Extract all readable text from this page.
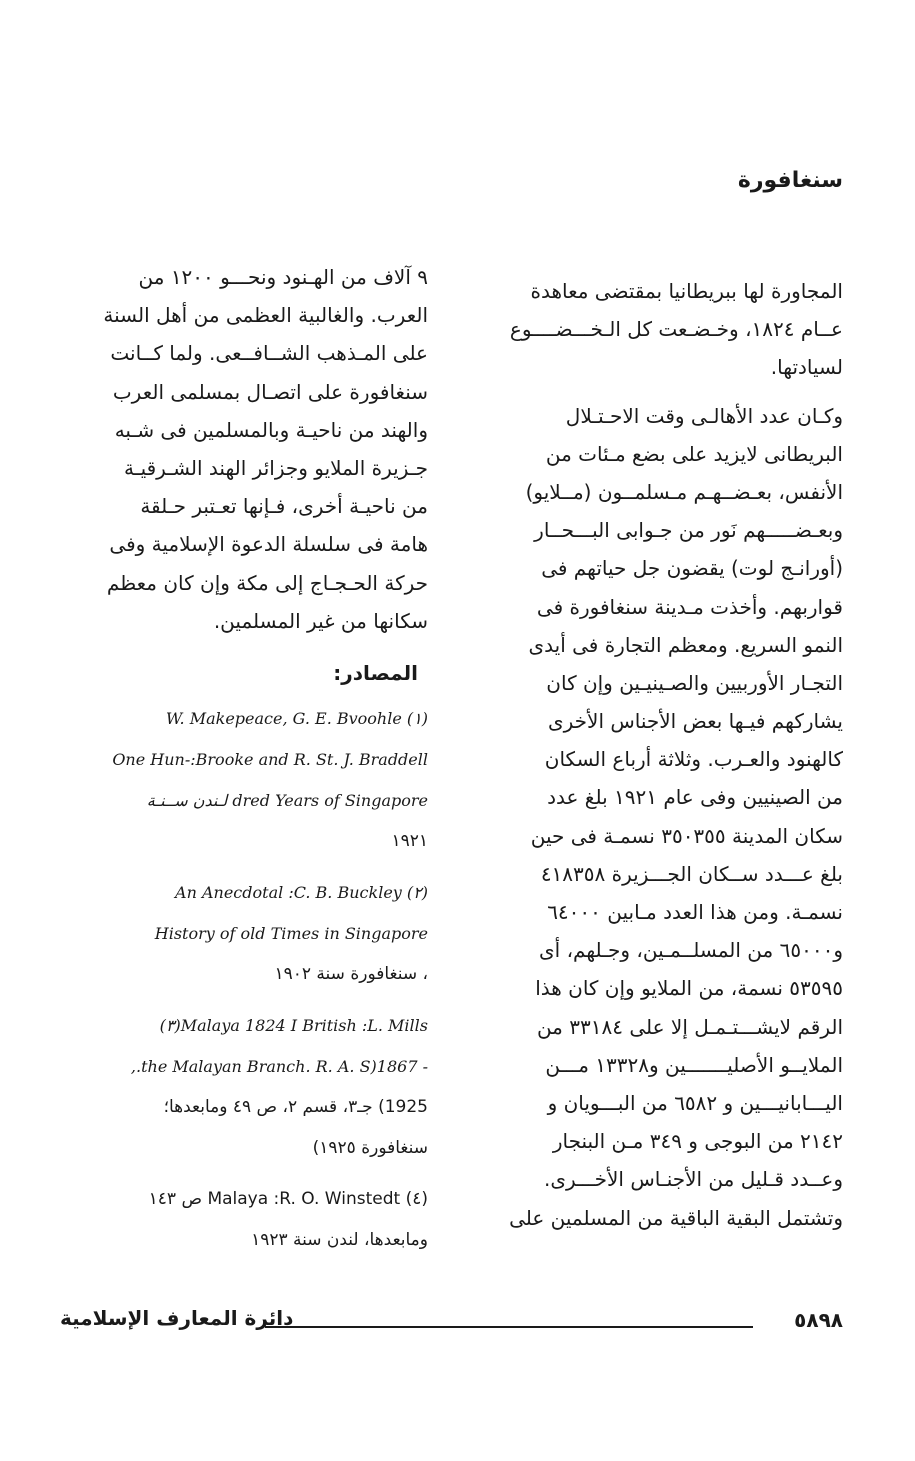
سنغافورة
المجاورة لها ببريطانيا بمقتضى معاهدة
عــام ١٨٢٤، وخـضـعت كل الـخـــضــــوع
لسيادتها.
وكـان عدد الأهالـى وقت الاحـتـلال
البريطانى لايزيد على بضع مـئات من
الأنفس، بعـضــهـم مـسلمــون (مــلايو)
وبعـضـــــهم نَور من جـوابى البـــحــار
(أورانـج لوت) يقضون جل حياتهم فى
قواربهم. وأخذت مـدينة سنغافورة فى
النمو السريع. ومعظم التجارة فى أيدى
التجـار الأوربيين والصـينيـين وإن كان
يشاركهم فيـها بعض الأجناس الأخرى
كالهنود والعـرب. وثلاثة أرباع السكان
من الصينيين وفى عام ١٩٢١ بلغ عدد
سكان المدينة ٣٥٠٣٥٥ نسمـة فى حين
بلغ عـــدد ســكان الجـــزيرة ٤١٨٣٥٨
نسمـة. ومن هذا العدد مـابين ٦٤٠٠٠
و٦٥٠٠٠ من المسلــمـين، وجـلهم، أى
٥٣٥٩٥ نسمة، من الملايو وإن كان هذا
الرقم لايشـــتـمـل إلا على ٣٣١٨٤ من
الملايــو الأصليـــــــين و١٣٣٢٨ مـــن
اليـــابانيـــين و ٦٥٨٢ من البـــويان و
٢١٤٢ من البوجى و ٣٤٩ مـن البنجار
وعــدد قـليل من الأجنـاس الأخـــرى.
وتشتمل البقية الباقية من المسلمين على
٩ آلاف من الهـنود ونحـــو ١٢٠٠ من
العرب. والغالبية العظمى من أهل السنة
على المـذهب الشــافــعى. ولما كــانت
سنغافورة على اتصـال بمسلمى العرب
والهند من ناحيـة وبالمسلمين فى شـبه
جـزيرة الملايو وجزائر الهند الشـرقيـة
من ناحيـة أخرى، فـإنها تعـتبر حـلقة
هامة فى سلسلة الدعوة الإسلامية وفى
حركة الحـجـاج إلى مكة وإن كان معظم
سكانها من غير المسلمين.
المصادر:
(١) W. Makepeace, G. E. Bvoohle
One Hun-:Brooke and R. St. J. Braddell
dred Years of Singapore لـندن ســنـة
١٩٢١
(٢) An Anecdotal :C. B. Buckley
History of old Times in Singapore
، سنغافورة سنة ١٩٠٢
Malaya 1824 I British :L. Mills(٣)
- 1867(the Malayan Branch. R. A. S.,
1925) جـ٣، قسم ٢، ص ٤٩ ومابعدها؛
سنغافورة ١٩٢٥)
(٤) Malaya :R. O. Winstedt ص ١٤٣
ومابعدها، لندن سنة ١٩٢٣
دائرة المعارف الإسلامية	٥٨٩٨
